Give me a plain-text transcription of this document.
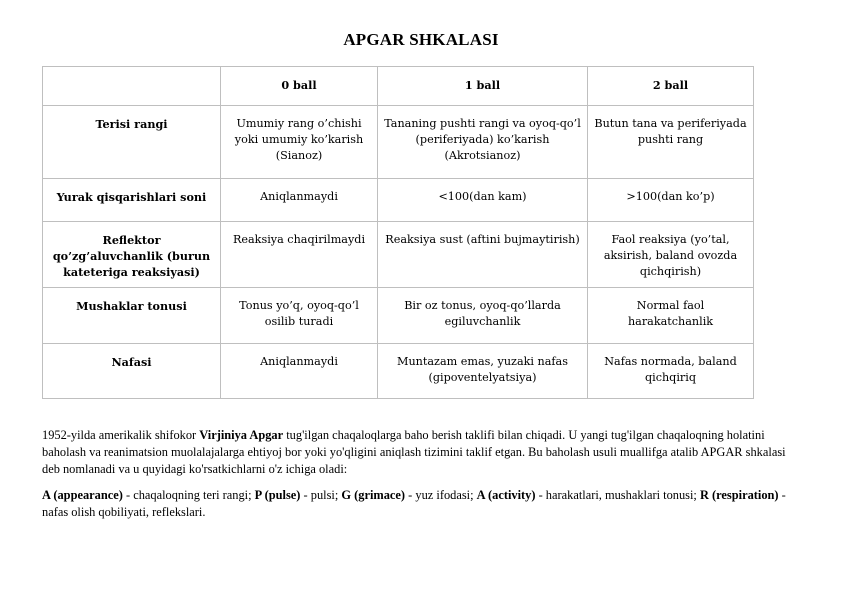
APGAR SHKALASI
	0 ball	1 ball	2 ball
Terisi rangi	Umumiy rang o’chishi yoki umumiy ko’karish (Sianoz)	Tananing pushti rangi va oyoq-qo’l (periferiyada) ko’karish (Akrotsianoz)	Butun tana va periferiyada pushti rang
Yurak qisqarishlari soni	Aniqlanmaydi	<100(dan kam)	>100(dan ko’p)
Reflektor qo’zg’aluvchanlik (burun kateteriga reaksiyasi)	Reaksiya chaqirilmaydi	Reaksiya sust (aftini bujmaytirish)	Faol reaksiya (yo’tal, aksirish, baland ovozda qichqirish)
Mushaklar tonusi	Tonus yo’q, oyoq-qo’l osilib turadi	Bir oz tonus, oyoq-qo’llarda egiluvchanlik	Normal faol harakatchanlik
Nafasi	Aniqlanmaydi	Muntazam emas, yuzaki nafas (gipoventelyatsiya)	Nafas normada, baland qichqiriq

1952-yilda amerikalik shifokor Virjiniya Apgar tug'ilgan chaqaloqlarga baho berish taklifi bilan chiqadi. U yangi tug'ilgan chaqaloqning holatini baholash va reanimatsion muolalajalarga ehtiyoj bor yoki yo'qligini aniqlash tizimini taklif etgan. Bu baholash usuli muallifga atalib APGAR shkalasi deb nomlanadi va u quyidagi ko'rsatkichlarni o'z ichiga oladi:

A (appearance) - chaqaloqning teri rangi; P (pulse) - pulsi; G (grimace) - yuz ifodasi; A (activity) - harakatlari, mushaklari tonusi; R (respiration) - nafas olish qobiliyati, reflekslari.
